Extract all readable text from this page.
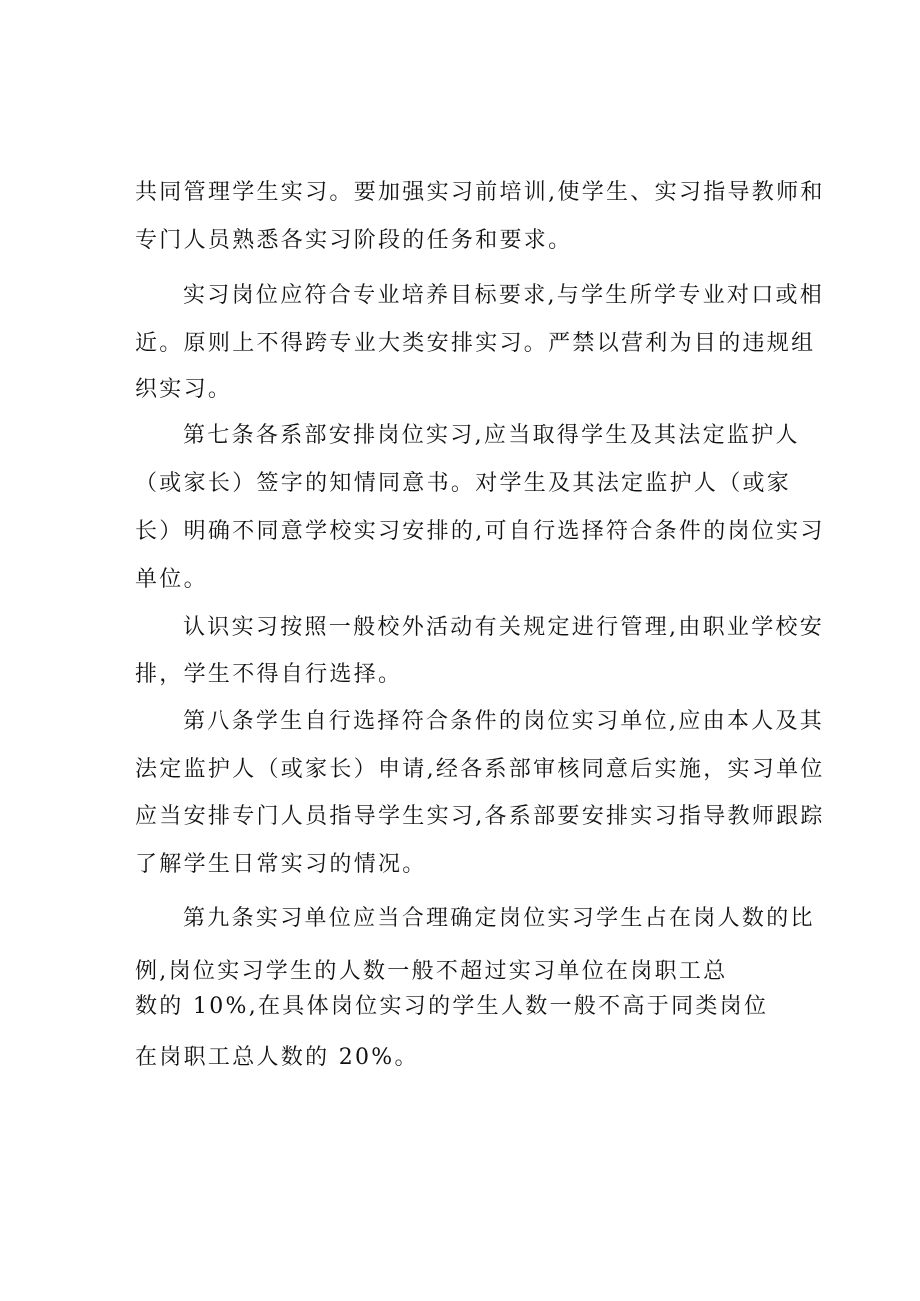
共同管理学生实习。要加强实习前培训,使学生、实习指导教师和
专门人员熟悉各实习阶段的任务和要求。
实习岗位应符合专业培养目标要求,与学生所学专业对口或相
近。原则上不得跨专业大类安排实习。严禁以营利为目的违规组
织实习。
第七条各系部安排岗位实习,应当取得学生及其法定监护人
（或家长）签字的知情同意书。对学生及其法定监护人（或家
长）明确不同意学校实习安排的,可自行选择符合条件的岗位实习
单位。
认识实习按照一般校外活动有关规定进行管理,由职业学校安
排，学生不得自行选择。
第八条学生自行选择符合条件的岗位实习单位,应由本人及其
法定监护人（或家长）申请,经各系部审核同意后实施，实习单位
应当安排专门人员指导学生实习,各系部要安排实习指导教师跟踪
了解学生日常实习的情况。
第九条实习单位应当合理确定岗位实习学生占在岗人数的比
例,岗位实习学生的人数一般不超过实习单位在岗职工总
数的 10%,在具体岗位实习的学生人数一般不高于同类岗位
在岗职工总人数的 20%。
